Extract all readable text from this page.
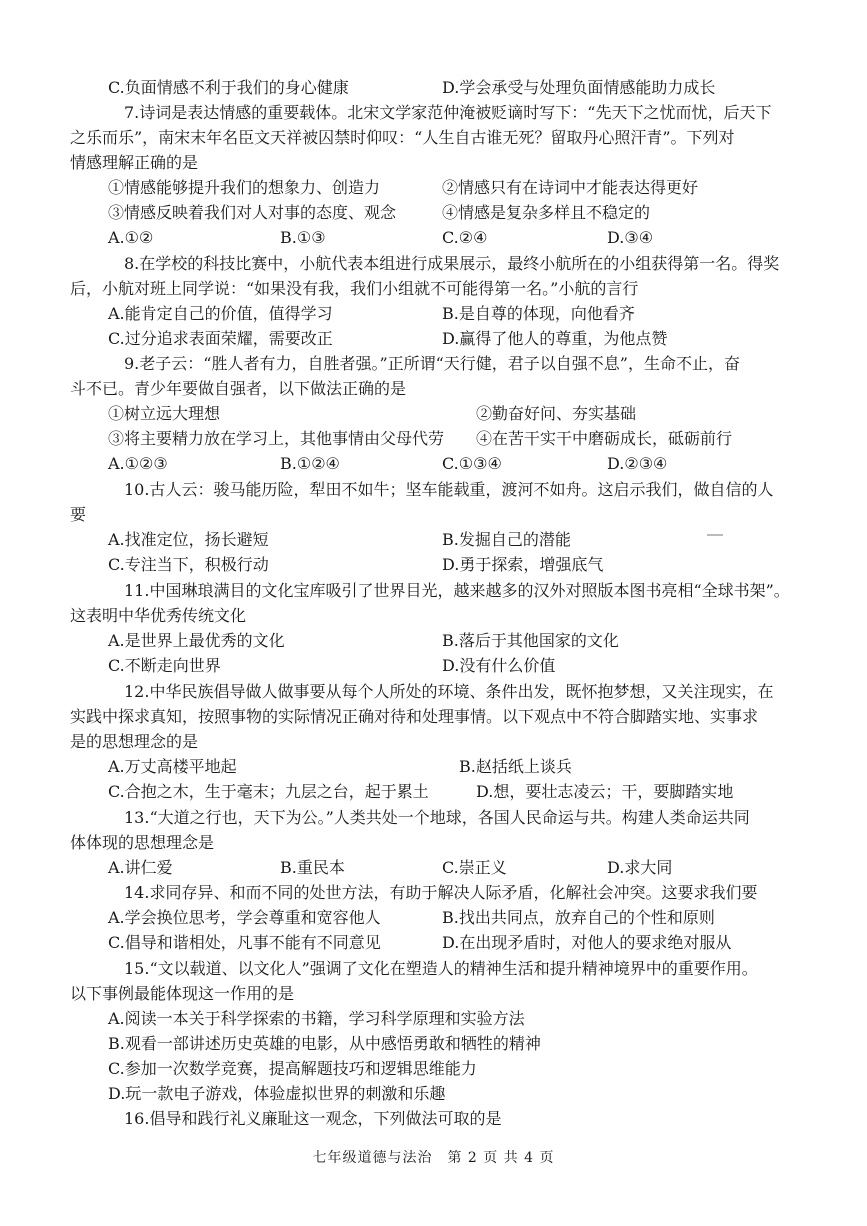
C.负面情感不利于我们的身心健康	D.学会承受与处理负面情感能助力成长
7.诗词是表达情感的重要载体。北宋文学家范仲淹被贬谪时写下：“先天下之忧而忧，后天下
之乐而乐”，南宋末年名臣文天祥被囚禁时仰叹：“人生自古谁无死？留取丹心照汗青”。下列对
情感理解正确的是
①情感能够提升我们的想象力、创造力	②情感只有在诗词中才能表达得更好
③情感反映着我们对人对事的态度、观念	④情感是复杂多样且不稳定的
A.①②	B.①③	C.②④	D.③④
8.在学校的科技比赛中，小航代表本组进行成果展示，最终小航所在的小组获得第一名。得奖
后，小航对班上同学说：“如果没有我，我们小组就不可能得第一名。”小航的言行
A.能肯定自己的价值，值得学习	B.是自尊的体现，向他看齐
C.过分追求表面荣耀，需要改正	D.赢得了他人的尊重，为他点赞
9.老子云：“胜人者有力，自胜者强。”正所谓“天行健，君子以自强不息”，生命不止，奋
斗不已。青少年要做自强者，以下做法正确的是
①树立远大理想	②勤奋好问、夯实基础
③将主要精力放在学习上，其他事情由父母代劳 ④在苦干实干中磨砺成长，砥砺前行
A.①②③	B.①②④	C.①③④	D.②③④
10.古人云：骏马能历险，犁田不如牛；坚车能载重，渡河不如舟。这启示我们，做自信的人
要
A.找准定位，扬长避短	B.发掘自己的潜能
C.专注当下，积极行动	D.勇于探索，增强底气
11.中国琳琅满目的文化宝库吸引了世界目光，越来越多的汉外对照版本图书亮相“全球书架”。
这表明中华优秀传统文化
A.是世界上最优秀的文化	B.落后于其他国家的文化
C.不断走向世界	D.没有什么价值
12.中华民族倡导做人做事要从每个人所处的环境、条件出发，既怀抱梦想，又关注现实，在
实践中探求真知，按照事物的实际情况正确对待和处理事情。以下观点中不符合脚踏实地、实事求
是的思想理念的是
A.万丈高楼平地起	B.赵括纸上谈兵
C.合抱之木，生于毫末；九层之台，起于累土	D.想，要壮志凌云；干，要脚踏实地
13.“大道之行也，天下为公。”人类共处一个地球，各国人民命运与共。构建人类命运共同
体体现的思想理念是
A.讲仁爱	B.重民本	C.崇正义	D.求大同
14.求同存异、和而不同的处世方法，有助于解决人际矛盾，化解社会冲突。这要求我们要
A.学会换位思考，学会尊重和宽容他人	B.找出共同点，放弃自己的个性和原则
C.倡导和谐相处，凡事不能有不同意见	D.在出现矛盾时，对他人的要求绝对服从
15.“文以载道、以文化人”强调了文化在塑造人的精神生活和提升精神境界中的重要作用。
以下事例最能体现这一作用的是
A.阅读一本关于科学探索的书籍，学习科学原理和实验方法
B.观看一部讲述历史英雄的电影，从中感悟勇敢和牺牲的精神
C.参加一次数学竞赛，提高解题技巧和逻辑思维能力
D.玩一款电子游戏，体验虚拟世界的刺激和乐趣
16.倡导和践行礼义廉耻这一观念，下列做法可取的是
七年级道德与法治　第 2 页 共 4 页
